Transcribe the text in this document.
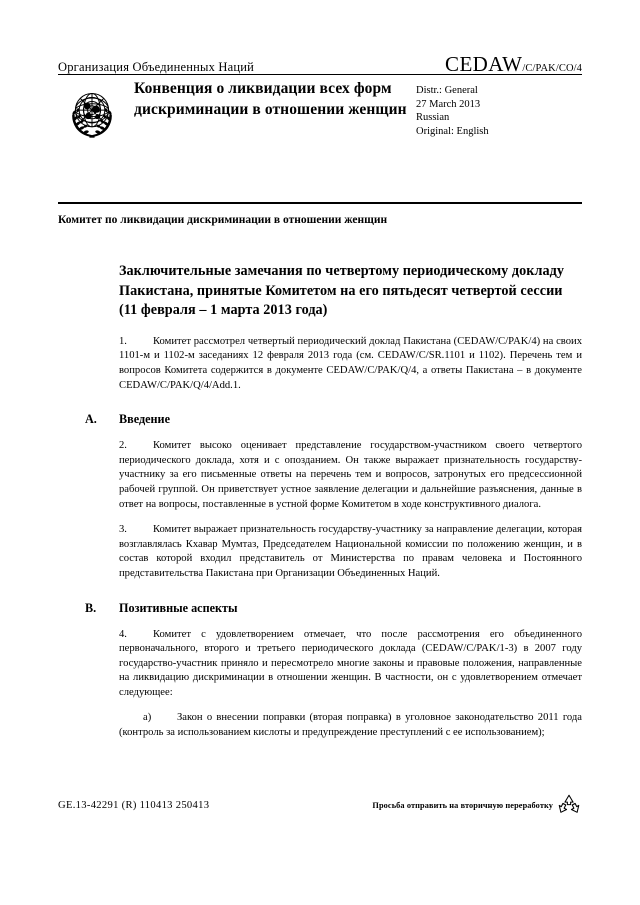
Организация Объединенных Наций	CEDAW/C/PAK/CO/4
Конвенция о ликвидации всех форм дискриминации в отношении женщин
Distr.: General
27 March 2013
Russian
Original: English
Комитет по ликвидации дискриминации в отношении женщин
Заключительные замечания по четвертому периодическому докладу Пакистана, принятые Комитетом на его пятьдесят четвертой сессии (11 февраля – 1 марта 2013 года)

1. Комитет рассмотрел четвертый периодический доклад Пакистана (CEDAW/C/PAK/4) на своих 1101-м и 1102-м заседаниях 12 февраля 2013 года (см. CEDAW/C/SR.1101 и 1102). Перечень тем и вопросов Комитета содержится в документе CEDAW/C/PAK/Q/4, а ответы Пакистана – в документе CEDAW/C/PAK/Q/4/Add.1.

A. Введение

2. Комитет высоко оценивает представление государством-участником своего четвертого периодического доклада, хотя и с опозданием. Он также выражает признательность государству-участнику за его письменные ответы на перечень тем и вопросов, затронутых его предсессионной рабочей группой. Он приветствует устное заявление делегации и дальнейшие разъяснения, данные в ответ на вопросы, поставленные в устной форме Комитетом в ходе конструктивного диалога.

3. Комитет выражает признательность государству-участнику за направление делегации, которая возглавлялась Кхавар Мумтаз, Председателем Национальной комиссии по положению женщин, и в состав которой входил представитель от Министерства по правам человека и Постоянного представительства Пакистана при Организации Объединенных Наций.

B. Позитивные аспекты

4. Комитет с удовлетворением отмечает, что после рассмотрения его объединенного первоначального, второго и третьего периодического доклада (CEDAW/C/PAK/1-3) в 2007 году государство-участник приняло и пересмотрело многие законы и правовые положения, направленные на ликвидацию дискриминации в отношении женщин. В частности, он с удовлетворением отмечает следующее:

a) Закон о внесении поправки (вторая поправка) в уголовное законодательство 2011 года (контроль за использованием кислоты и предупреждение преступлений с ее использованием);

GE.13-42291 (R) 110413 250413	Просьба отправить на вторичную переработку
